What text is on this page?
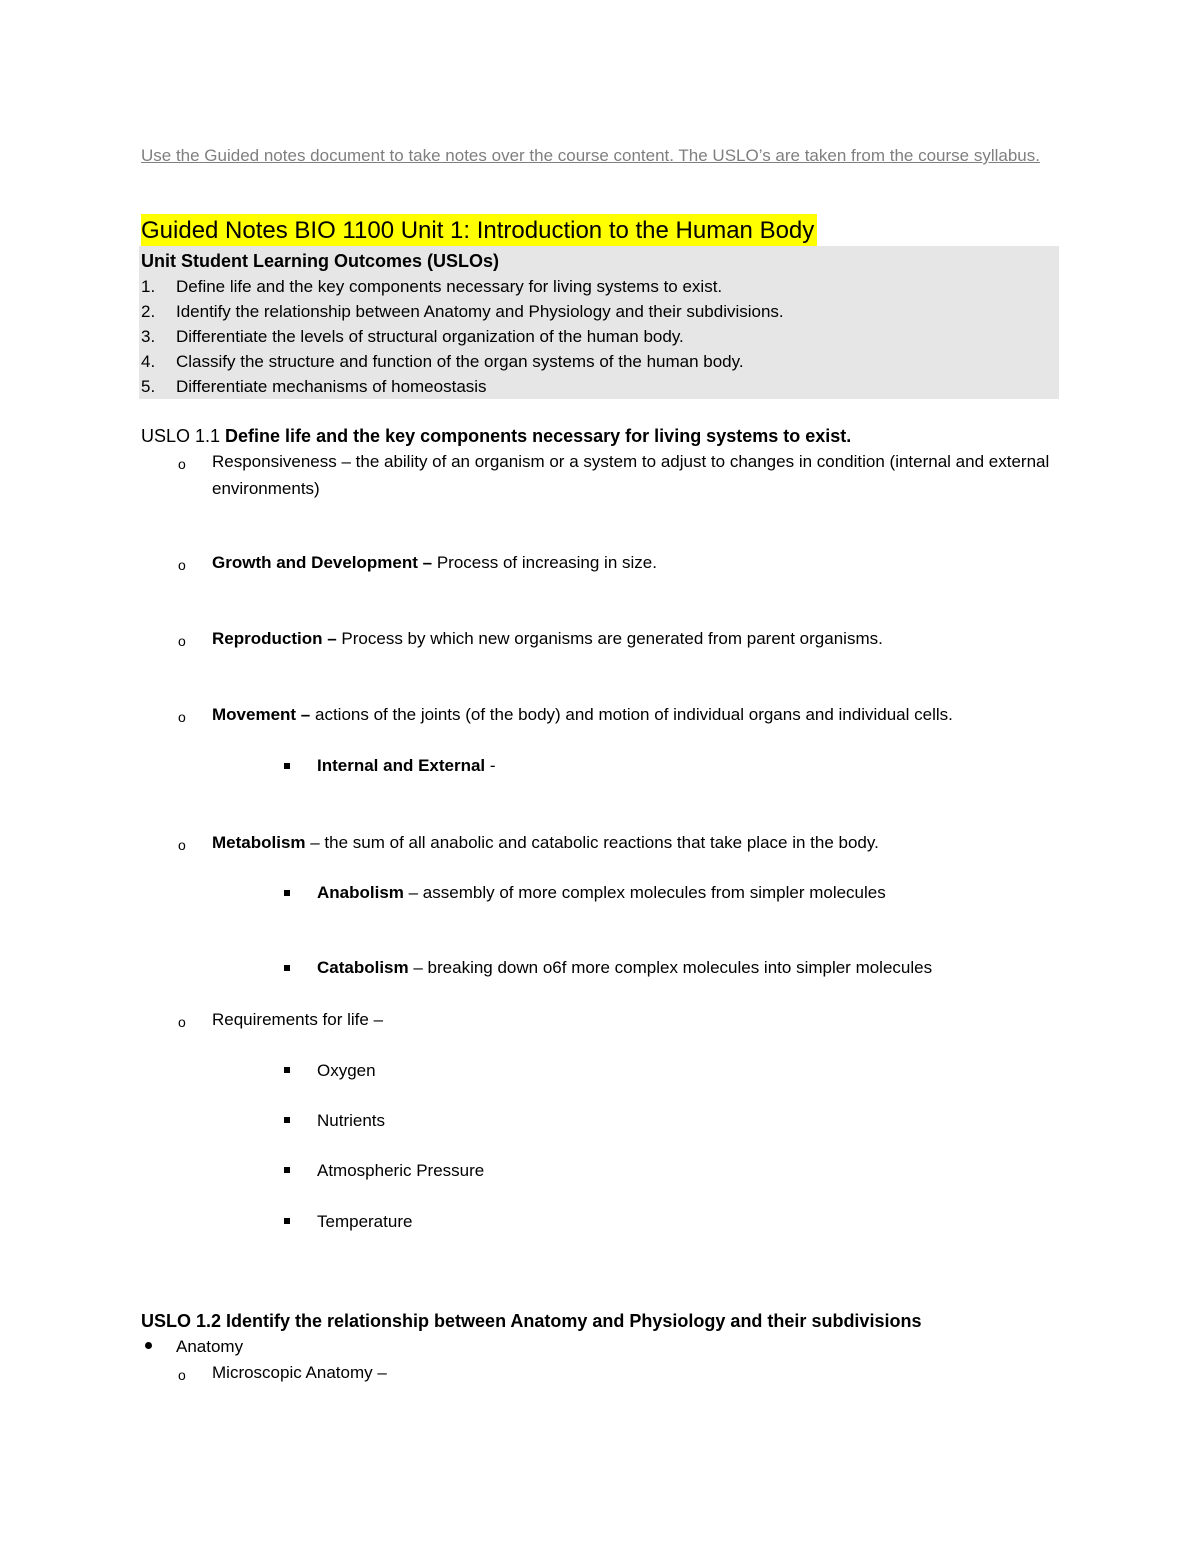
Use the Guided notes document to take notes over the course content. The USLO’s are taken from the course syllabus.
Guided Notes BIO 1100 Unit 1: Introduction to the Human Body
Unit Student Learning Outcomes (USLOs)
1. Define life and the key components necessary for living systems to exist.
2. Identify the relationship between Anatomy and Physiology and their subdivisions.
3. Differentiate the levels of structural organization of the human body.
4. Classify the structure and function of the organ systems of the human body.
5. Differentiate mechanisms of homeostasis
USLO 1.1 Define life and the key components necessary for living systems to exist.
o Responsiveness – the ability of an organism or a system to adjust to changes in condition (internal and external environments)
o Growth and Development – Process of increasing in size.
o Reproduction – Process by which new organisms are generated from parent organisms.
o Movement – actions of the joints (of the body) and motion of individual organs and individual cells.
Internal and External -
o Metabolism – the sum of all anabolic and catabolic reactions that take place in the body.
Anabolism – assembly of more complex molecules from simpler molecules
Catabolism – breaking down o6f more complex molecules into simpler molecules
o Requirements for life –
Oxygen
Nutrients
Atmospheric Pressure
Temperature
USLO 1.2 Identify the relationship between Anatomy and Physiology and their subdivisions
Anatomy
o Microscopic Anatomy –
